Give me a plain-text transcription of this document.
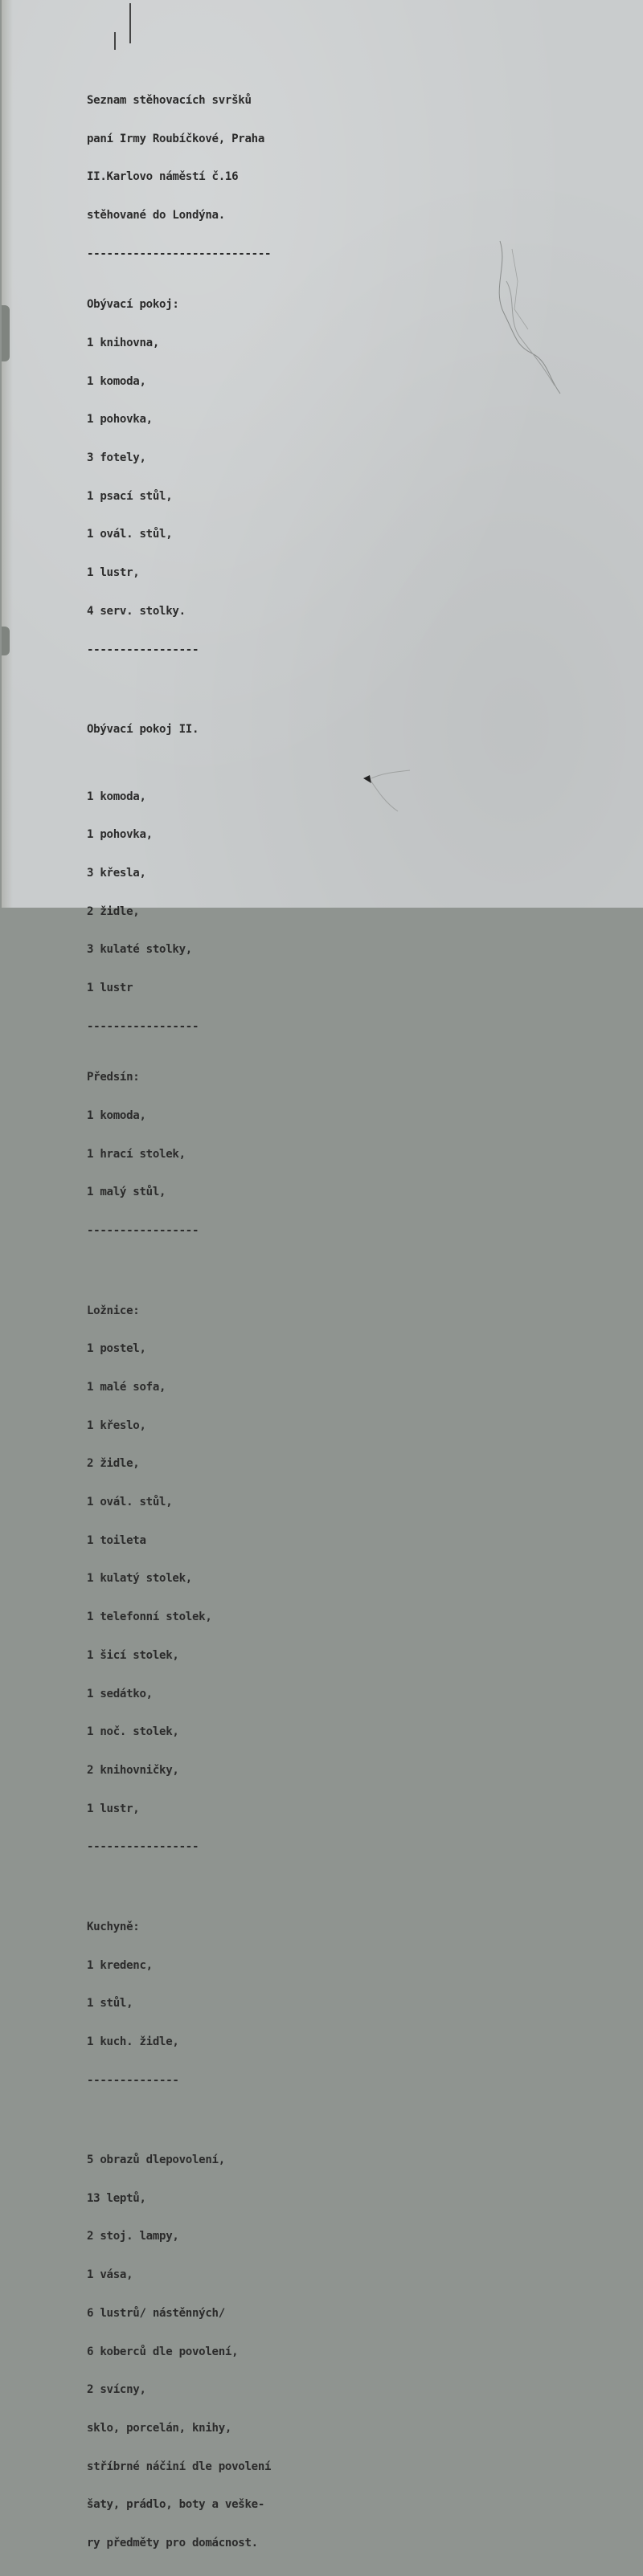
Seznam stěhovacích svršků

paní Irmy Roubíčkové, Praha

II.Karlovo náměstí č.16

stěhované do Londýna.

----------------------------

Obývací pokoj:

1 knihovna,

1 komoda,

1 pohovka,

3 fotely,

1 psací stůl,

1 ovál. stůl,

1 lustr,

4 serv. stolky.

-----------------

Obývací pokoj II.

1 komoda,

1 pohovka,

3 křesla,

2 židle,

3 kulaté stolky,

1 lustr

-----------------

Předsín:

1 komoda,

1 hrací stolek,

1 malý stůl,

-----------------

Ložnice:

1 postel,

1 malé sofa,

1 křeslo,

2 židle,

1 ovál. stůl,

1 toileta

1 kulatý stolek,

1 telefonní stolek,

1 šicí stolek,

1 sedátko,

1 noč. stolek,

2 knihovničky,

1 lustr,

-----------------

Kuchyně:

1 kredenc,

1 stůl,

1 kuch. židle,

--------------

5 obrazů dlepovolení,

13 leptů,

2 stoj. lampy,

1 vása,

6 lustrů/ nástěnných/

6 koberců dle povolení,

2 svícny,

sklo, porcelán, knihy,

stříbrné náčiní dle povolení

šaty, prádlo, boty a veške-

ry předměty pro domácnost.
